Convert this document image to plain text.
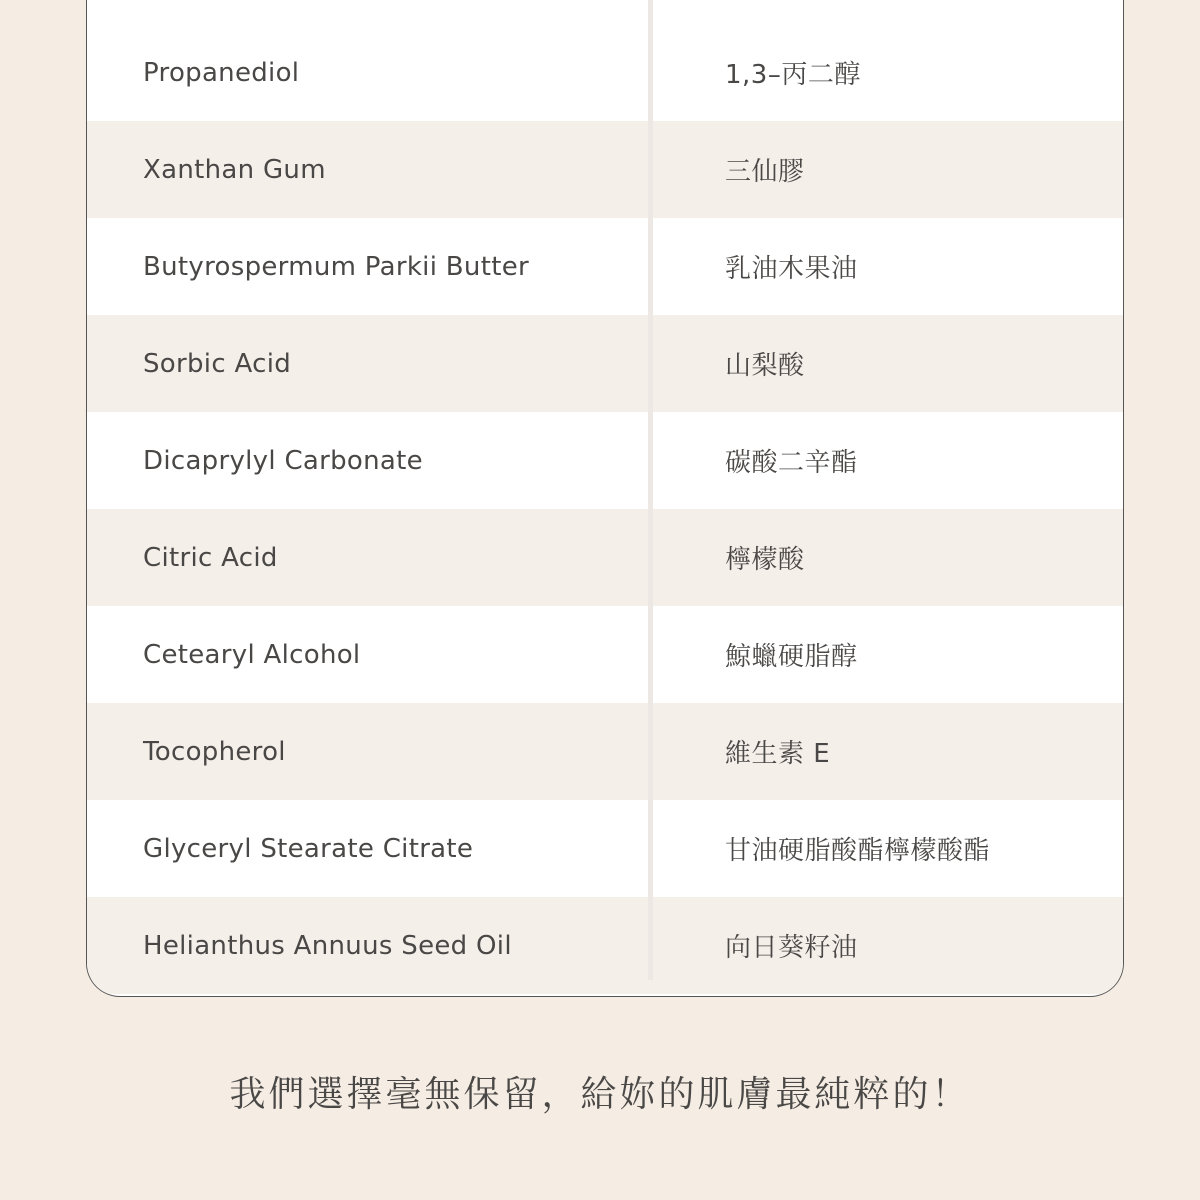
Propanediol	1,3–丙二醇
Xanthan Gum	三仙膠
Butyrospermum Parkii Butter	乳油木果油
Sorbic Acid	山梨酸
Dicaprylyl Carbonate	碳酸二辛酯
Citric Acid	檸檬酸
Cetearyl Alcohol	鯨蠟硬脂醇
Tocopherol	維生素 E
Glyceryl Stearate Citrate	甘油硬脂酸酯檸檬酸酯
Helianthus Annuus Seed Oil	向日葵籽油
我們選擇毫無保留，給妳的肌膚最純粹的！
